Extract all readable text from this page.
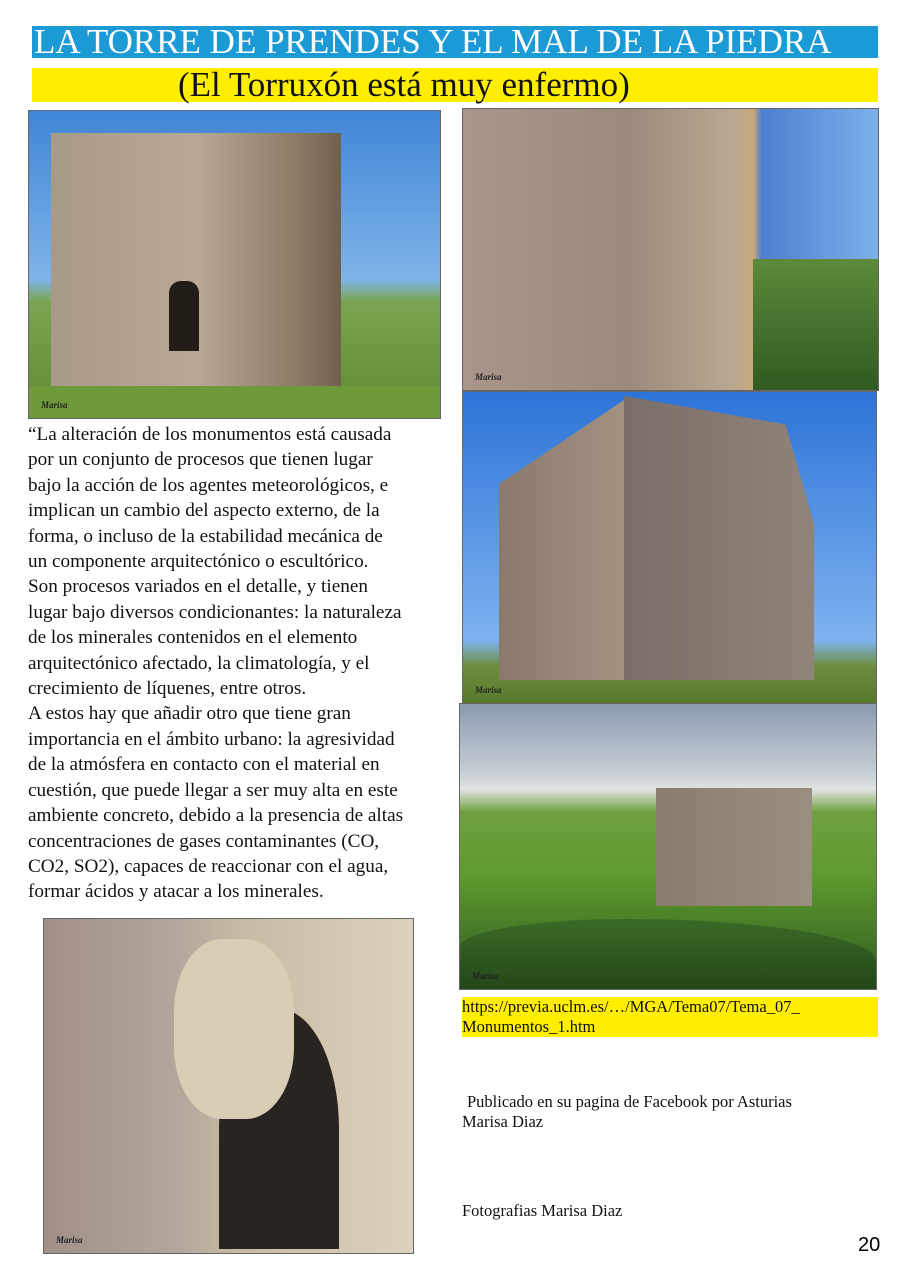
LA TORRE DE PRENDES Y EL MAL DE LA PIEDRA
(El Torruxón está muy enfermo)
Marisa
Marisa
Marisa
Marisa
Marisa
“La alteración de los monumentos está causada
por un conjunto de procesos que tienen lugar
bajo la acción de los agentes meteorológicos, e
implican un cambio del aspecto externo, de la
forma, o incluso de la estabilidad mecánica de
un componente arquitectónico o escultórico.
Son procesos variados en el detalle, y tienen
lugar bajo diversos condicionantes: la naturaleza
de los minerales contenidos en el elemento
arquitectónico afectado, la climatología, y el
crecimiento de líquenes, entre otros.
A estos hay que añadir otro que tiene gran
importancia en el ámbito urbano: la agresividad
de la atmósfera en contacto con el material en
cuestión, que puede llegar a ser muy alta en este
ambiente concreto, debido a la presencia de altas
concentraciones de gases contaminantes (CO,
CO2, SO2), capaces de reaccionar con el agua,
formar ácidos y atacar a los minerales.
https://previa.uclm.es/…/MGA/Tema07/Tema_07_
Monumentos_1.htm
Publicado en su pagina de Facebook por Asturias
Marisa Diaz
Fotografias Marisa Diaz
20
